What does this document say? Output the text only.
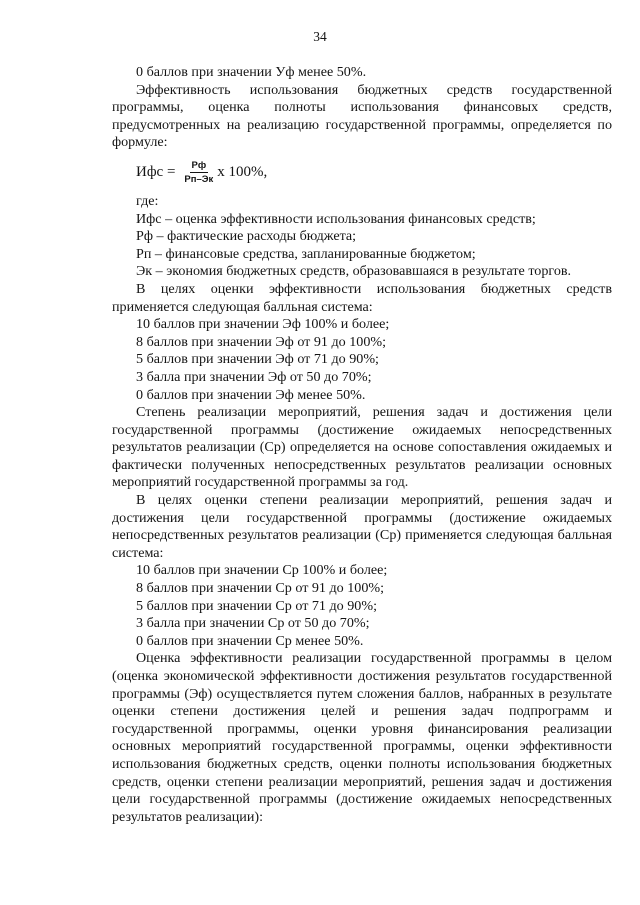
34

0 баллов при значении Уф менее 50%.

Эффективность использования бюджетных средств государственной программы, оценка полноты использования финансовых средств, предусмотренных на реализацию государственной программы, определяется по формуле:

Ифс = $\frac{Рф}{Рп-Эк}$ х 100%,

где:

Ифс – оценка эффективности использования финансовых средств;

Рф – фактические расходы бюджета;

Рп – финансовые средства, запланированные бюджетом;

Эк – экономия бюджетных средств, образовавшаяся в результате торгов.

В целях оценки эффективности использования бюджетных средств применяется следующая балльная система:

10 баллов при значении Эф 100% и более;

8 баллов при значении Эф от 91 до 100%;

5 баллов при значении Эф от 71 до 90%;

3 балла при значении Эф от 50 до 70%;

0 баллов при значении Эф менее 50%.

Степень реализации мероприятий, решения задач и достижения цели государственной программы (достижение ожидаемых непосредственных результатов реализации (Ср) определяется на основе сопоставления ожидаемых и фактически полученных непосредственных результатов реализации основных мероприятий государственной программы за год.

В целях оценки степени реализации мероприятий, решения задач и достижения цели государственной программы (достижение ожидаемых непосредственных результатов реализации (Ср) применяется следующая балльная система:

10 баллов при значении Ср 100% и более;

8 баллов при значении Ср от 91 до 100%;

5 баллов при значении Ср от 71 до 90%;

3 балла при значении Ср от 50 до 70%;

0 баллов при значении Ср менее 50%.

Оценка эффективности реализации государственной программы в целом (оценка экономической эффективности достижения результатов государственной программы (Эф) осуществляется путем сложения баллов, набранных в результате оценки степени достижения целей и решения задач подпрограмм и государственной программы, оценки уровня финансирования реализации основных мероприятий государственной программы, оценки эффективности использования бюджетных средств, оценки полноты использования бюджетных средств, оценки степени реализации мероприятий, решения задач и достижения цели государственной программы (достижение ожидаемых непосредственных результатов реализации):
